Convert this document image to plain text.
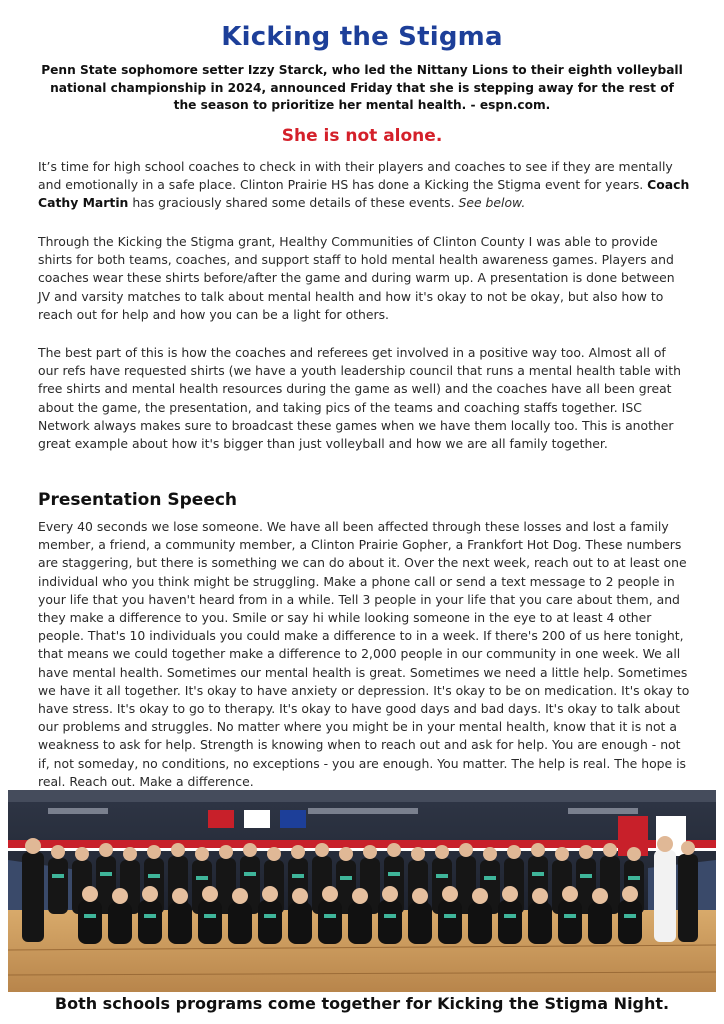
Kicking the Stigma
Penn State sophomore setter Izzy Starck, who led the Nittany Lions to their eighth volleyball national championship in 2024, announced Friday that she is stepping away for the rest of the season to prioritize her mental health. - espn.com.
She is not alone.

It’s time for high school coaches to check in with their players and coaches to see if they are mentally and emotionally in a safe place. Clinton Prairie HS has done a Kicking the Stigma event for years. Coach Cathy Martin has graciously shared some details of these events. See below.

Through the Kicking the Stigma grant, Healthy Communities of Clinton County I was able to provide shirts for both teams, coaches, and support staff to hold mental health awareness games. Players and coaches wear these shirts before/after the game and during warm up. A presentation is done between JV and varsity matches to talk about mental health and how it's okay to not be okay, but also how to reach out for help and how you can be a light for others.

The best part of this is how the coaches and referees get involved in a positive way too. Almost all of our refs have requested shirts (we have a youth leadership council that runs a mental health table with free shirts and mental health resources during the game as well) and the coaches have all been great about the game, the presentation, and taking pics of the teams and coaching staffs together. ISC Network always makes sure to broadcast these games when we have them locally too. This is another great example about how it's bigger than just volleyball and how we are all family together.

Presentation Speech

Every 40 seconds we lose someone. We have all been affected through these losses and lost a family member, a friend, a community member, a Clinton Prairie Gopher, a Frankfort Hot Dog. These numbers are staggering, but there is something we can do about it. Over the next week, reach out to at least one individual who you think might be struggling. Make a phone call or send a text message to 2 people in your life that you haven't heard from in a while. Tell 3 people in your life that you care about them, and they make a difference to you. Smile or say hi while looking someone in the eye to at least 4 other people. That's 10 individuals you could make a difference to in a week. If there's 200 of us here tonight, that means we could together make a difference to 2,000 people in our community in one week. We all have mental health. Sometimes our mental health is great. Sometimes we need a little help. Sometimes we have it all together. It's okay to have anxiety or depression. It's okay to be on medication. It's okay to have stress. It's okay to go to therapy. It's okay to have good days and bad days. It's okay to talk about our problems and struggles. No matter where you might be in your mental health, know that it is not a weakness to ask for help. Strength is knowing when to reach out and ask for help. You are enough - not if, not someday, no conditions, no exceptions - you are enough. You matter. The help is real. The hope is real. Reach out. Make a difference.

Both schools programs come together for Kicking the Stigma Night.
